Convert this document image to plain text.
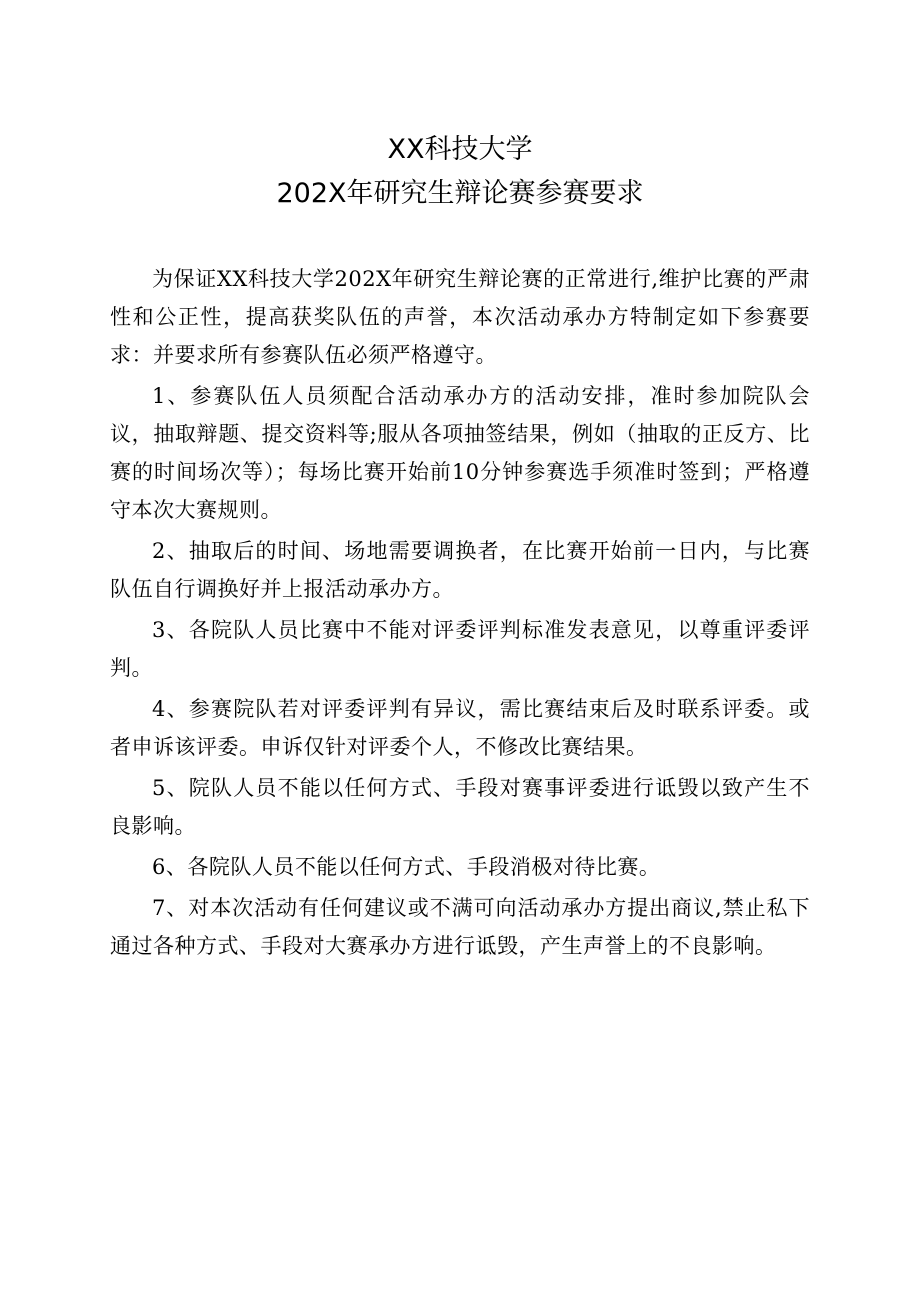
XX科技大学
202X年研究生辩论赛参赛要求

为保证XX科技大学202X年研究生辩论赛的正常进行,维护比赛的严肃性和公正性，提高获奖队伍的声誉，本次活动承办方特制定如下参赛要求：并要求所有参赛队伍必须严格遵守。

1、参赛队伍人员须配合活动承办方的活动安排，准时参加院队会议，抽取辩题、提交资料等;服从各项抽签结果，例如（抽取的正反方、比赛的时间场次等）；每场比赛开始前10分钟参赛选手须准时签到；严格遵守本次大赛规则。

2、抽取后的时间、场地需要调换者，在比赛开始前一日内，与比赛队伍自行调换好并上报活动承办方。

3、各院队人员比赛中不能对评委评判标准发表意见，以尊重评委评判。

4、参赛院队若对评委评判有异议，需比赛结束后及时联系评委。或者申诉该评委。申诉仅针对评委个人，不修改比赛结果。

5、院队人员不能以任何方式、手段对赛事评委进行诋毁以致产生不良影响。

6、各院队人员不能以任何方式、手段消极对待比赛。

7、对本次活动有任何建议或不满可向活动承办方提出商议,禁止私下通过各种方式、手段对大赛承办方进行诋毁，产生声誉上的不良影响。
